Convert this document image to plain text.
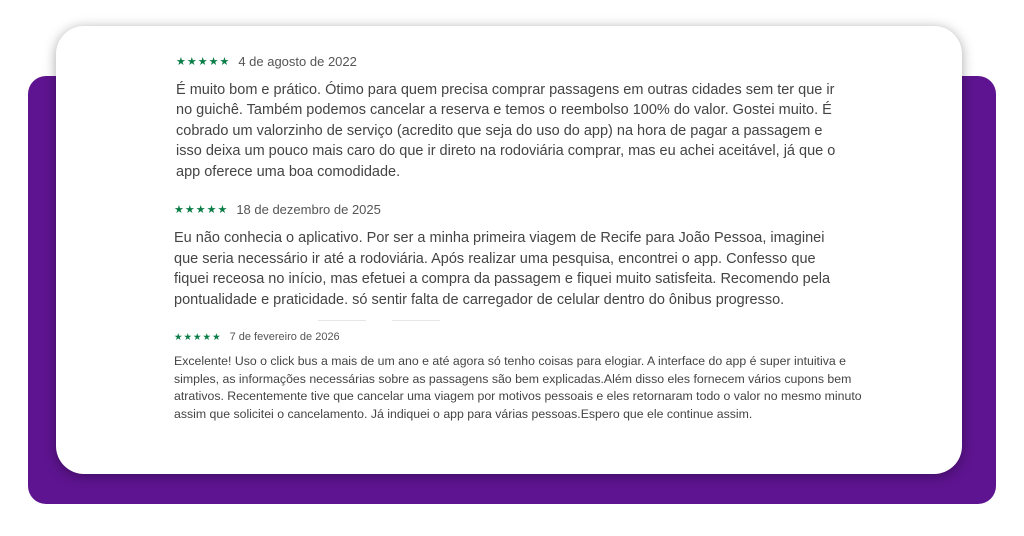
★★★★★ 4 de agosto de 2022

É muito bom e prático. Ótimo para quem precisa comprar passagens em outras cidades sem ter que ir no guichê. Também podemos cancelar a reserva e temos o reembolso 100% do valor. Gostei muito. É cobrado um valorzinho de serviço (acredito que seja do uso do app) na hora de pagar a passagem e isso deixa um pouco mais caro do que ir direto na rodoviária comprar, mas eu achei aceitável, já que o app oferece uma boa comodidade.

★★★★★ 18 de dezembro de 2025

Eu não conhecia o aplicativo. Por ser a minha primeira viagem de Recife para João Pessoa, imaginei que seria necessário ir até a rodoviária. Após realizar uma pesquisa, encontrei o app. Confesso que fiquei receosa no início, mas efetuei a compra da passagem e fiquei muito satisfeita. Recomendo pela pontualidade e praticidade. só sentir falta de carregador de celular dentro do ônibus progresso.

★★★★★ 7 de fevereiro de 2026

Excelente! Uso o click bus a mais de um ano e até agora só tenho coisas para elogiar. A interface do app é super intuitiva e simples, as informações necessárias sobre as passagens são bem explicadas.Além disso eles fornecem vários cupons bem atrativos. Recentemente tive que cancelar uma viagem por motivos pessoais e eles retornaram todo o valor no mesmo minuto assim que solicitei o cancelamento. Já indiquei o app para várias pessoas.Espero que ele continue assim.
